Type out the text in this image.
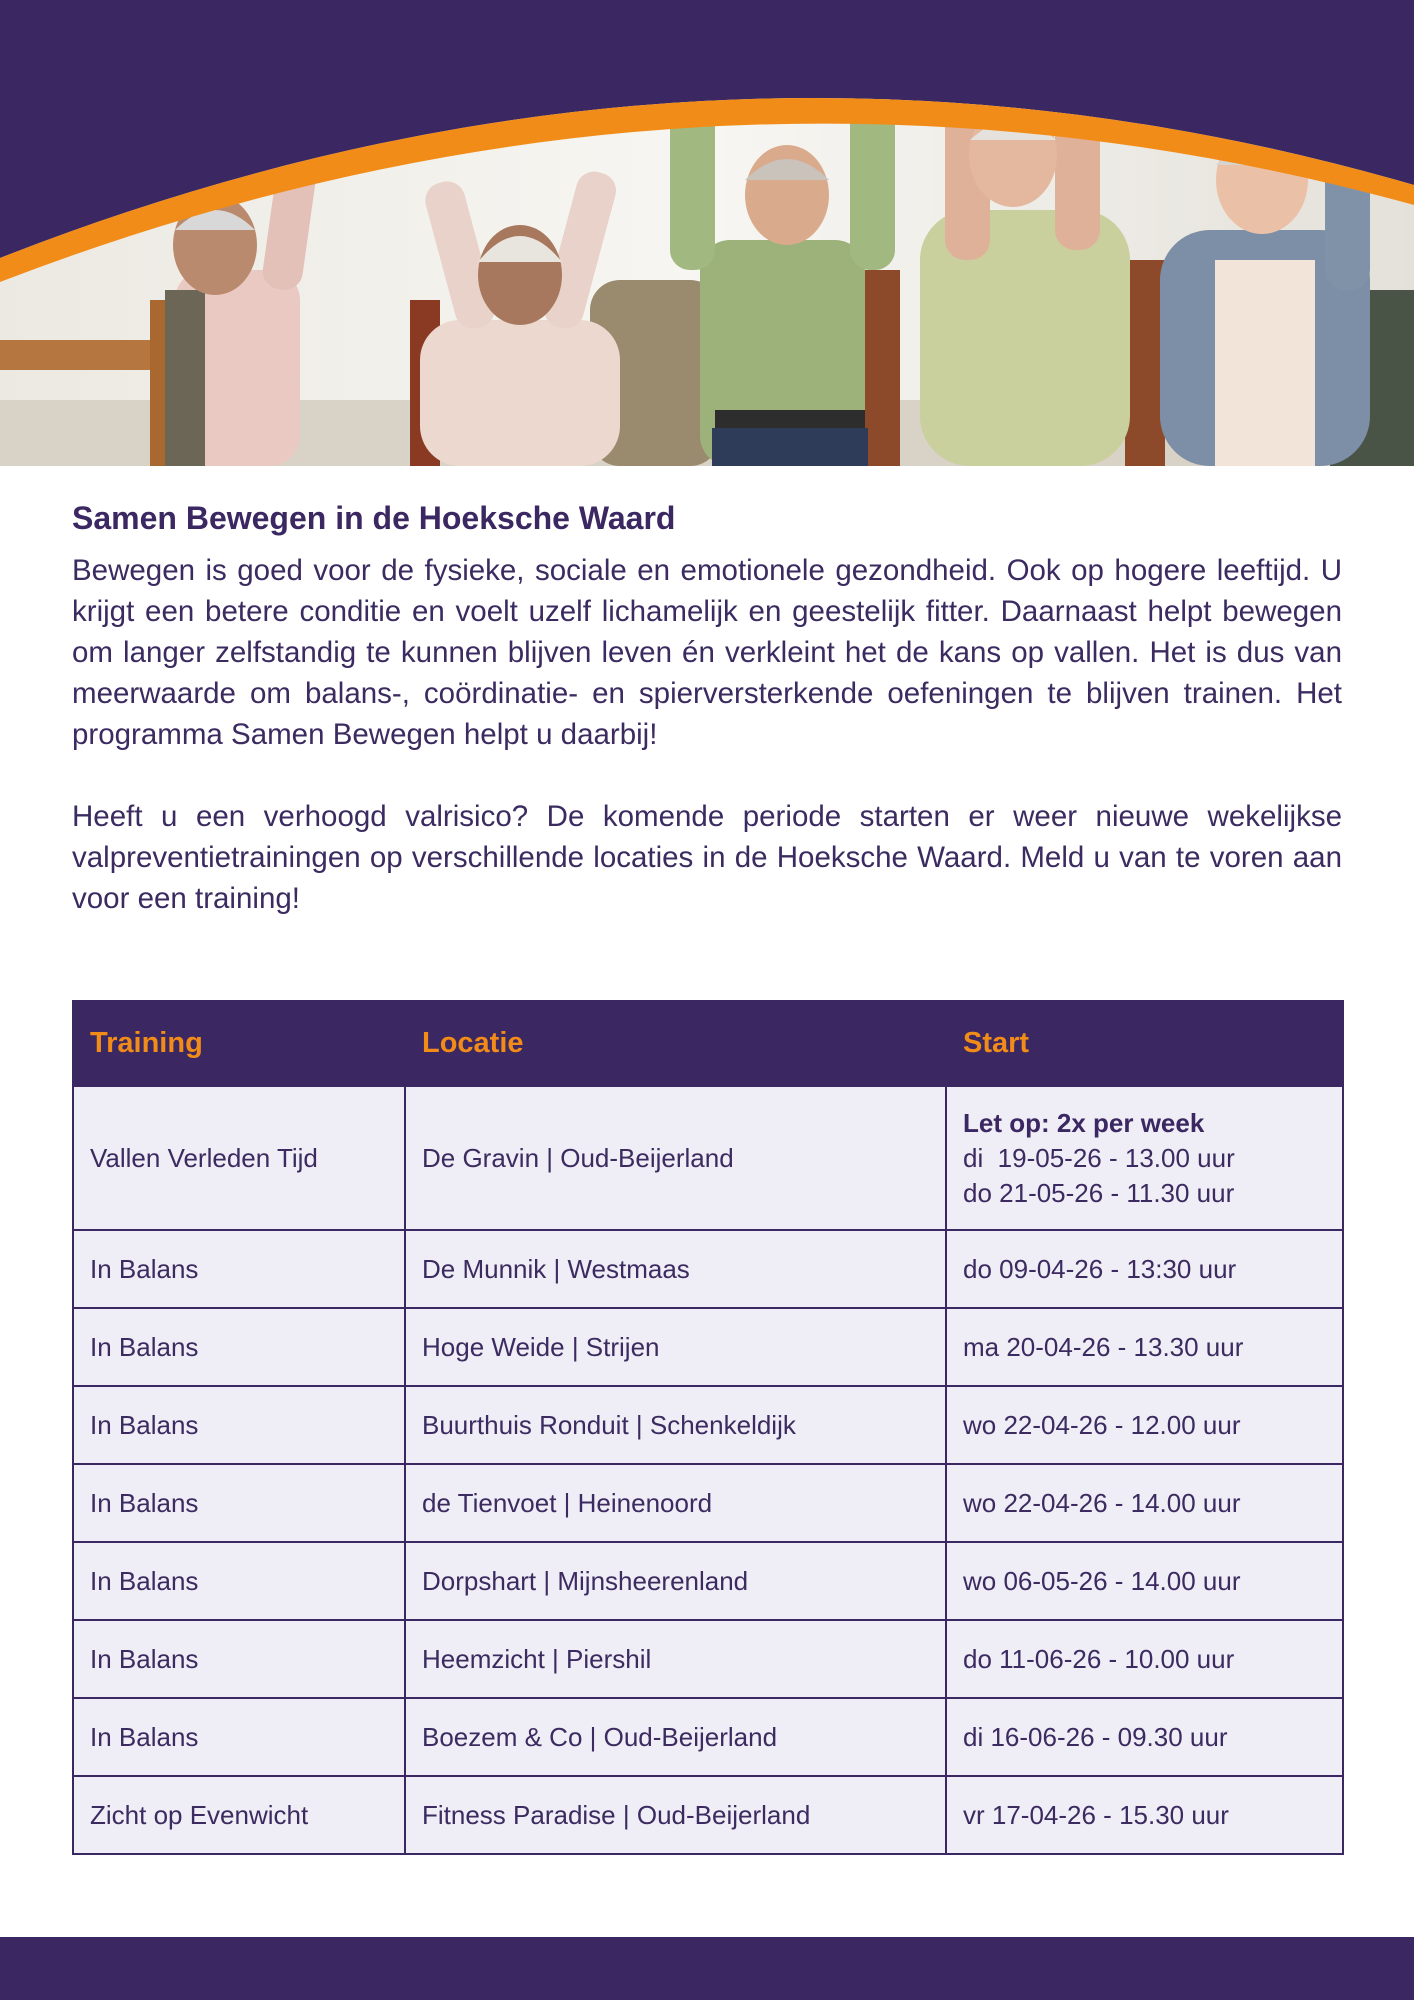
Samen Bewegen in de Hoeksche Waard

Bewegen is goed voor de fysieke, sociale en emotionele gezondheid. Ook op hogere leeftijd. U krijgt een betere conditie en voelt uzelf lichamelijk en geestelijk fitter. Daarnaast helpt bewegen om langer zelfstandig te kunnen blijven leven én verkleint het de kans op vallen. Het is dus van meerwaarde om balans-, coördinatie- en spierversterkende oefeningen te blijven trainen. Het programma Samen Bewegen helpt u daarbij!

Heeft u een verhoogd valrisico? De komende periode starten er weer nieuwe wekelijkse valpreventietrainingen op verschillende locaties in de Hoeksche Waard. Meld u van te voren aan voor een training!

Training	Locatie	Start
Vallen Verleden Tijd	De Gravin | Oud-Beijerland	Let op: 2x per week
di  19-05-26 - 13.00 uur
do 21-05-26 - 11.30 uur

In Balans	De Munnik | Westmaas	do 09-04-26 - 13:30 uur
In Balans	Hoge Weide | Strijen	ma 20-04-26 - 13.30 uur
In Balans	Buurthuis Ronduit | Schenkeldijk	wo 22-04-26 - 12.00 uur
In Balans	de Tienvoet | Heinenoord	wo 22-04-26 - 14.00 uur
In Balans	Dorpshart | Mijnsheerenland	wo 06-05-26 - 14.00 uur
In Balans	Heemzicht | Piershil	do 11-06-26 - 10.00 uur
In Balans	Boezem & Co | Oud-Beijerland	di 16-06-26 - 09.30 uur
Zicht op Evenwicht	Fitness Paradise | Oud-Beijerland	vr 17-04-26 - 15.30 uur
